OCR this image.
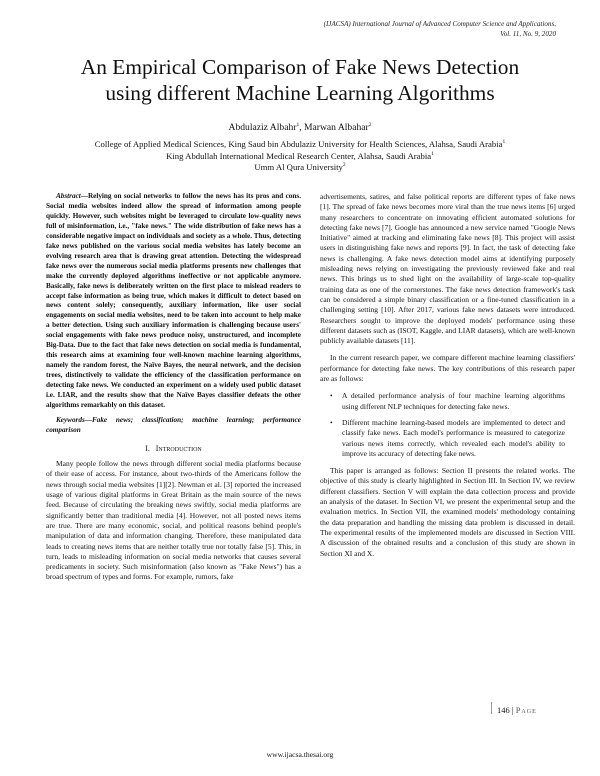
(IJACSA) International Journal of Advanced Computer Science and Applications,
Vol. 11, No. 9, 2020
An Empirical Comparison of Fake News Detection
using different Machine Learning Algorithms
Abdulaziz Albahr$^1$, Marwan Albahar$^2$
College of Applied Medical Sciences, King Saud bin Abdulaziz University for Health Sciences, Alahsa, Saudi Arabia$^1$
King Abdullah International Medical Research Center, Alahsa, Saudi Arabia$^1$
Umm Al Qura University$^2$

Abstract—Relying on social networks to follow the news has its pros and cons. Social media websites indeed allow the spread of information among people quickly. However, such websites might be leveraged to circulate low-quality news full of misinformation, i.e., "fake news." The wide distribution of fake news has a considerable negative impact on individuals and society as a whole. Thus, detecting fake news published on the various social media websites has lately become an evolving research area that is drawing great attention. Detecting the widespread fake news over the numerous social media platforms presents new challenges that make the currently deployed algorithms ineffective or not applicable anymore. Basically, fake news is deliberately written on the first place to mislead readers to accept false information as being true, which makes it difficult to detect based on news content solely; consequently, auxiliary information, like user social engagements on social media websites, need to be taken into account to help make a better detection. Using such auxiliary information is challenging because users' social engagements with fake news produce noisy, unstructured, and incomplete Big-Data. Due to the fact that fake news detection on social media is fundamental, this research aims at examining four well-known machine learning algorithms, namely the random forest, the Naïve Bayes, the neural network, and the decision trees, distinctively to validate the efficiency of the classification performance on detecting fake news. We conducted an experiment on a widely used public dataset i.e. LIAR, and the results show that the Naïve Bayes classifier defeats the other algorithms remarkably on this dataset.

Keywords—Fake news; classification; machine learning; performance comparison

I. Introduction

Many people follow the news through different social media platforms because of their ease of access. For instance, about two-thirds of the Americans follow the news through social media websites [1][2]. Newman et al. [3] reported the increased usage of various digital platforms in Great Britain as the main source of the news feed. Because of circulating the breaking news swiftly, social media platforms are significantly better than traditional media [4]. However, not all posted news items are true. There are many economic, social, and political reasons behind people's manipulation of data and information changing. Therefore, these manipulated data leads to creating news items that are neither totally true nor totally false [5]. This, in turn, leads to misleading information on social media networks that causes several predicaments in society. Such misinformation (also known as "Fake News") has a broad spectrum of types and forms. For example, rumors, fake

advertisements, satires, and false political reports are different types of fake news [1]. The spread of fake news becomes more viral than the true news items [6] urged many researchers to concentrate on innovating efficient automated solutions for detecting fake news [7]. Google has announced a new service named "Google News Initiative" aimed at tracking and eliminating fake news [8]. This project will assist users in distinguishing fake news and reports [9]. In fact, the task of detecting fake news is challenging. A fake news detection model aims at identifying purposely misleading news relying on investigating the previously reviewed fake and real news. This brings us to shed light on the availability of large-scale top-quality training data as one of the cornerstones. The fake news detection framework's task can be considered a simple binary classification or a fine-tuned classification in a challenging setting [10]. After 2017, various fake news datasets were introduced. Researchers sought to improve the deployed models' performance using these different datasets such as (ISOT, Kaggle, and LIAR datasets), which are well-known publicly available datasets [11].

In the current research paper, we compare different machine learning classifiers' performance for detecting fake news. The key contributions of this research paper are as follows:

• A detailed performance analysis of four machine learning algorithms using different NLP techniques for detecting fake news.
• Different machine learning-based models are implemented to detect and classify fake news. Each model's performance is measured to categorize various news items correctly, which revealed each model's ability to improve its accuracy of detecting fake news.

This paper is arranged as follows: Section II presents the related works. The objective of this study is clearly highlighted in Section III. In Section IV, we review different classifiers. Section V will explain the data collection process and provide an analysis of the dataset. In Section VI, we present the experimental setup and the evaluation metrics. In Section VII, the examined models' methodology containing the data preparation and handling the missing data problem is discussed in detail. The experimental results of the implemented models are discussed in Section VIII. A discussion of the obtained results and a conclusion of this study are shown in Section XI and X.

146 | Page
www.ijacsa.thesai.org
